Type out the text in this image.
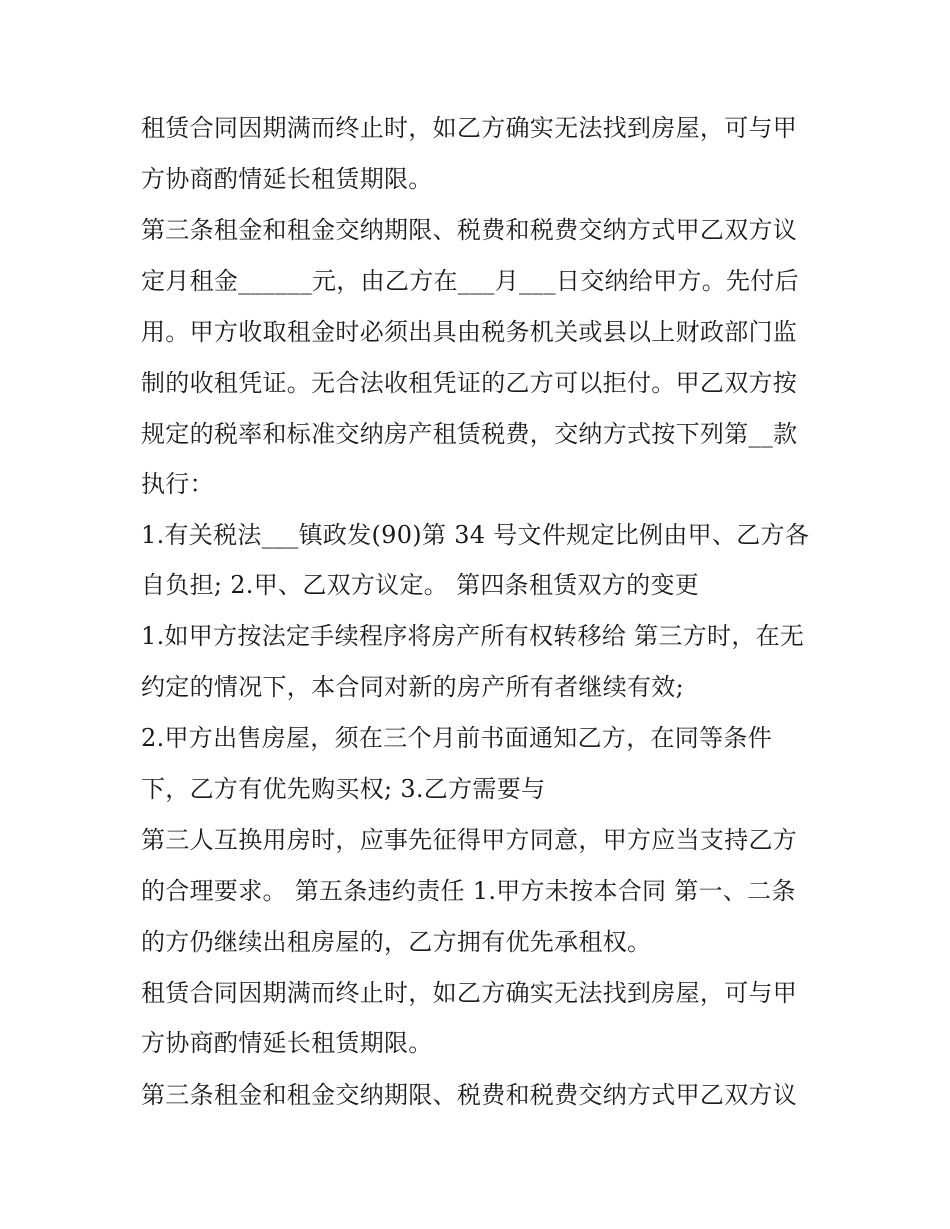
租赁合同因期满而终止时，如乙方确实无法找到房屋，可与甲

方协商酌情延长租赁期限。

第三条租金和租金交纳期限、税费和税费交纳方式甲乙双方议

定月租金______元，由乙方在___月___日交纳给甲方。先付后

用。甲方收取租金时必须出具由税务机关或县以上财政部门监

制的收租凭证。无合法收租凭证的乙方可以拒付。甲乙双方按

规定的税率和标准交纳房产租赁税费，交纳方式按下列第__款

执行：

1.有关税法___镇政发(90)第 34 号文件规定比例由甲、乙方各

自负担; 2.甲、乙双方议定。 第四条租赁双方的变更

1.如甲方按法定手续程序将房产所有权转移给 第三方时，在无

约定的情况下，本合同对新的房产所有者继续有效;

2.甲方出售房屋，须在三个月前书面通知乙方，在同等条件

下，乙方有优先购买权; 3.乙方需要与

第三人互换用房时，应事先征得甲方同意，甲方应当支持乙方

的合理要求。 第五条违约责任 1.甲方未按本合同 第一、二条

的方仍继续出租房屋的，乙方拥有优先承租权。

租赁合同因期满而终止时，如乙方确实无法找到房屋，可与甲

方协商酌情延长租赁期限。

第三条租金和租金交纳期限、税费和税费交纳方式甲乙双方议
